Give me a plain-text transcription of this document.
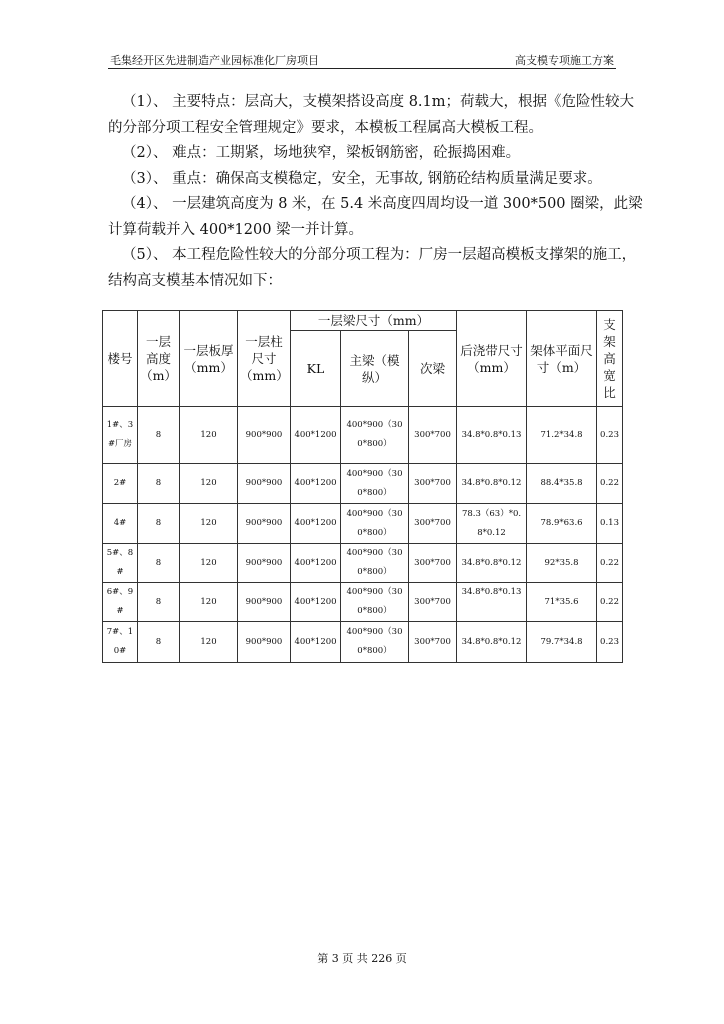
毛集经开区先进制造产业园标准化厂房项目	高支模专项施工方案

（1）、 主要特点：层高大，支模架搭设高度 8.1m；荷载大，根据《危险性较大

的分部分项工程安全管理规定》要求，本模板工程属高大模板工程。

（2）、 难点：工期紧，场地狭窄，梁板钢筋密，砼振捣困难。

（3）、 重点：确保高支模稳定，安全，无事故, 钢筋砼结构质量满足要求。

（4）、 一层建筑高度为 8 米，在 5.4 米高度四周均设一道 300*500 圈梁，此梁

计算荷载并入 400*1200 梁一并计算。

（5）、 本工程危险性较大的分部分项工程为：厂房一层超高模板支撑架的施工，

结构高支模基本情况如下：

楼号	一层高度（m）	一层板厚（mm）	一层柱尺寸（mm）	一层梁尺寸（mm）			后浇带尺寸（mm）	架体平面尺寸（m）	支架高宽比
				KL	主梁（模纵）	次梁			
1#、3#厂房	8	120	900*900	400*1200	400*900（30 0*800）	300*700	34.8*0.8*0.13	71.2*34.8	0.23
2#	8	120	900*900	400*1200	400*900（30 0*800）	300*700	34.8*0.8*0.12	88.4*35.8	0.22
4#	8	120	900*900	400*1200	400*900（30 0*800）	300*700	78.3（63）*0. 8*0.12	78.9*63.6	0.13
5#、8#	8	120	900*900	400*1200	400*900（30 0*800）	300*700	34.8*0.8*0.12	92*35.8	0.22
6#、9#	8	120	900*900	400*1200	400*900（30 0*800）	300*700	34.8*0.8*0.13	71*35.6	0.22
7#、10#	8	120	900*900	400*1200	400*900（30 0*800）	300*700	34.8*0.8*0.12	79.7*34.8	0.23
第 3 页 共 226 页
